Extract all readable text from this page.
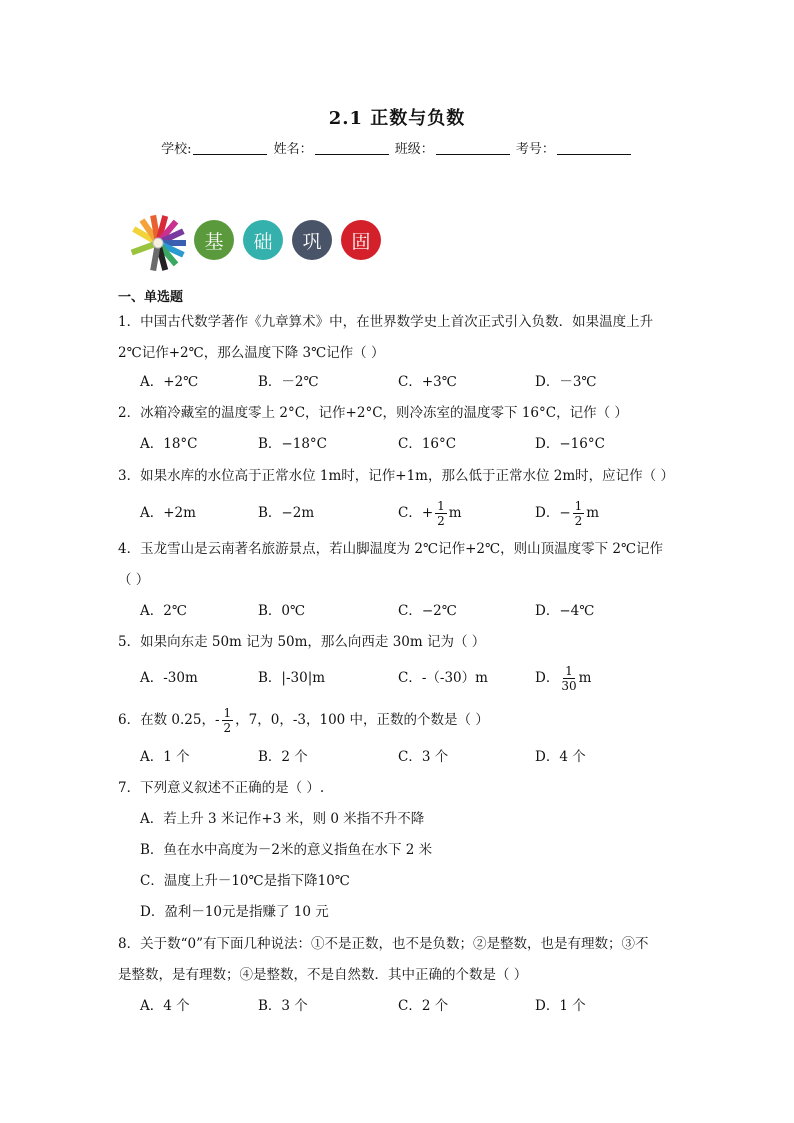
2.1 正数与负数
学校:	姓名：	班级：	考号：
基	础	巩	固
一、单选题
1．中国古代数学著作《九章算术》中，在世界数学史上首次正式引入负数．如果温度上升
2℃记作+2℃，那么温度下降 3℃记作（ ）
A．+2℃	B．－2℃	C．+3℃	D．－3℃
2．冰箱冷藏室的温度零上 2°C，记作+2°C，则冷冻室的温度零下 16°C，记作（ ）
A．18°C	B．−18°C	C．16°C	D．−16°C
3．如果水库的水位高于正常水位 1m时，记作+1m，那么低于正常水位 2m时，应记作（ ）
A．+2m	B．−2m	C．+ $\frac{1}{2}$ m	D．− $\frac{1}{2}$ m
4．玉龙雪山是云南著名旅游景点，若山脚温度为 2℃记作+2℃，则山顶温度零下 2℃记作
（ ）
A．2℃	B．0℃	C．−2℃	D．−4℃
5．如果向东走 50m 记为 50m，那么向西走 30m 记为（ ）
A．-30m	B．|-30|m	C．-（-30）m	D． $\frac{1}{30}$ m
6．在数 0.25，- $\frac{1}{2}$ ，7，0，-3，100 中，正数的个数是（ ）
A．1 个	B．2 个	C．3 个	D．4 个
7．下列意义叙述不正确的是（ ）.
A．若上升 3 米记作+3 米，则 0 米指不升不降
B．鱼在水中高度为－2米的意义指鱼在水下 2 米
C．温度上升－10℃是指下降10℃
D．盈利－10元是指赚了 10 元
8．关于数“0”有下面几种说法：①不是正数，也不是负数；②是整数，也是有理数；③不
是整数，是有理数；④是整数，不是自然数．其中正确的个数是（ ）
A．4 个	B．3 个	C．2 个	D．1 个
